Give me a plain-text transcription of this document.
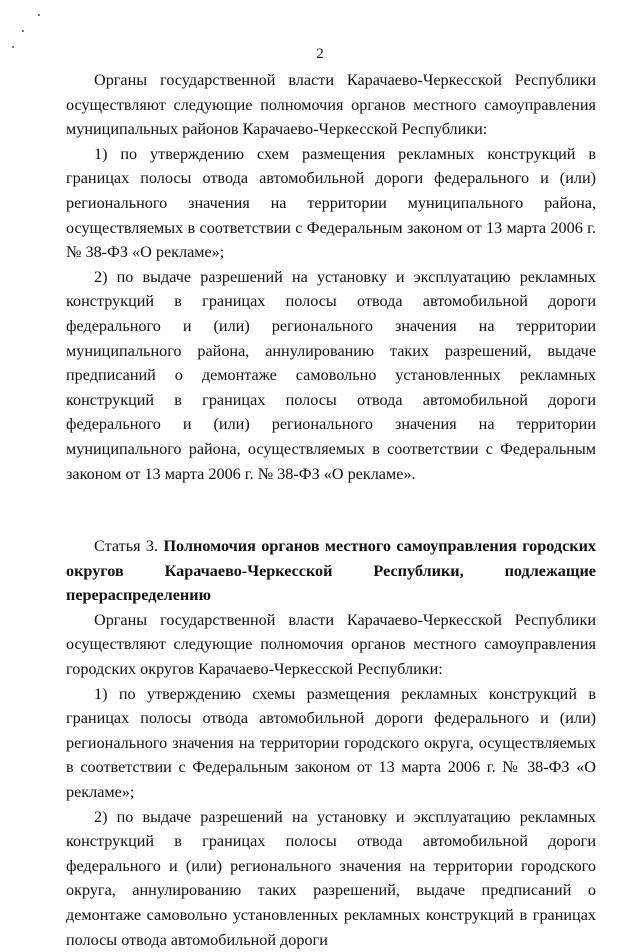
2

Органы государственной власти Карачаево-Черкесской Республики осуществляют следующие полномочия органов местного самоуправления муниципальных районов Карачаево-Черкесской Республики:

1) по утверждению схем размещения рекламных конструкций в границах полосы отвода автомобильной дороги федерального и (или) регионального значения на территории муниципального района, осуществляемых в соответствии с Федеральным законом от 13 марта 2006 г. № 38-ФЗ «О рекламе»;

2) по выдаче разрешений на установку и эксплуатацию рекламных конструкций в границах полосы отвода автомобильной дороги федерального и (или) регионального значения на территории муниципального района, аннулированию таких разрешений, выдаче предписаний о демонтаже самовольно установленных рекламных конструкций в границах полосы отвода автомобильной дороги федерального и (или) регионального значения на территории муниципального района, осуществляемых в соответствии с Федеральным законом от 13 марта 2006 г. № 38-ФЗ «О рекламе».

Статья 3. Полномочия органов местного самоуправления городских округов Карачаево-Черкесской Республики, подлежащие перераспределению

Органы государственной власти Карачаево-Черкесской Республики осуществляют следующие полномочия органов местного самоуправления городских округов Карачаево-Черкесской Республики:

1) по утверждению схемы размещения рекламных конструкций в границах полосы отвода автомобильной дороги федерального и (или) регионального значения на территории городского округа, осуществляемых в соответствии с Федеральным законом от 13 марта 2006 г. № 38-ФЗ «О рекламе»;

2) по выдаче разрешений на установку и эксплуатацию рекламных конструкций в границах полосы отвода автомобильной дороги федерального и (или) регионального значения на территории городского округа, аннулированию таких разрешений, выдаче предписаний о демонтаже самовольно установленных рекламных конструкций в границах полосы отвода автомобильной дороги
